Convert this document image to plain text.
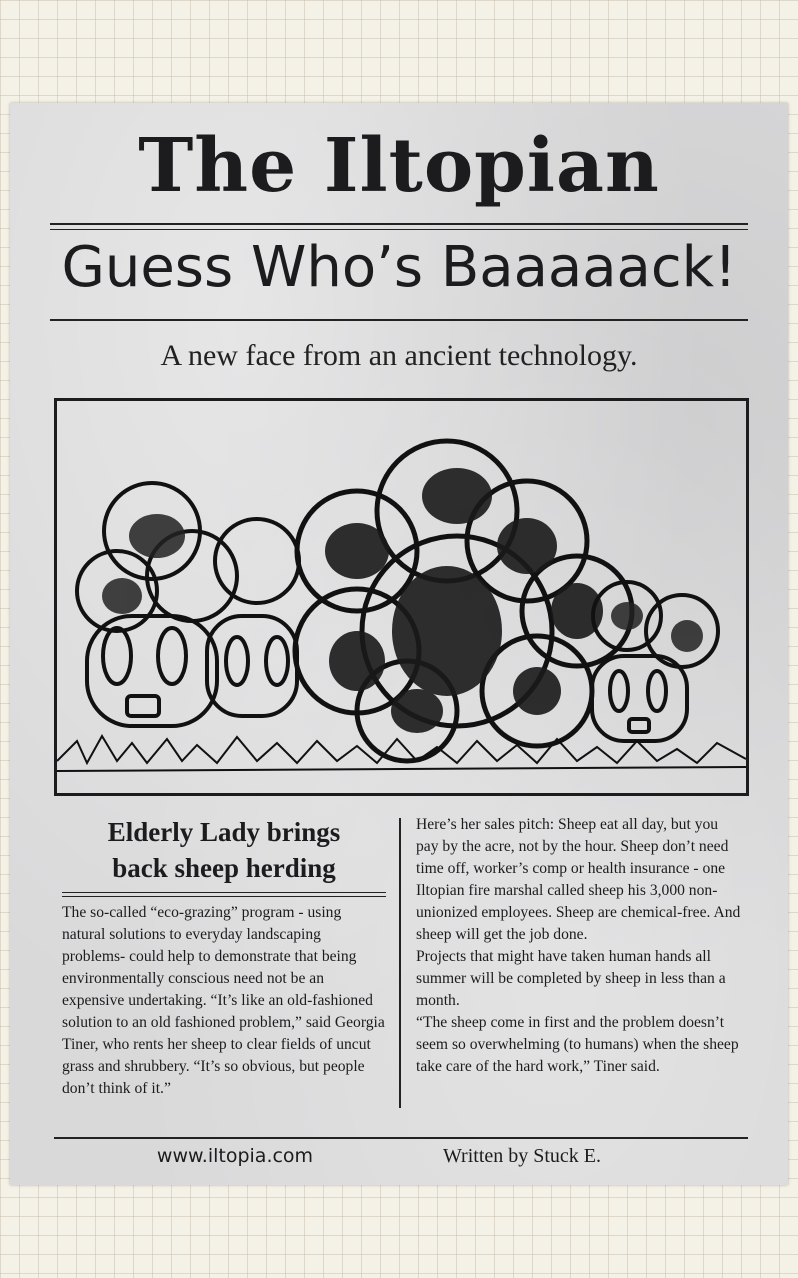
The Iltopian
Guess Who’s Baaaaack!
A new face from an ancient technology.
Elderly Lady brings
back sheep herding

The so-called “eco-grazing” program - using natural solutions to everyday landscaping problems- could help to demonstrate that being environmentally conscious need not be an expensive undertaking. “It’s like an old-fashioned solution to an old fashioned problem,” said Georgia Tiner, who rents her sheep to clear fields of uncut grass and shrubbery. “It’s so obvious, but people don’t think of it.”

Here’s her sales pitch: Sheep eat all day, but you pay by the acre, not by the hour. Sheep don’t need time off, worker’s comp or health insurance - one Iltopian fire marshal called sheep his 3,000 non-unionized employees. Sheep are chemical-free. And sheep will get the job done.

Projects that might have taken human hands all summer will be completed by sheep in less than a month.

“The sheep come in first and the problem doesn’t seem so overwhelming (to humans) when the sheep take care of the hard work,” Tiner said.

www.iltopia.com	Written by Stuck E.
